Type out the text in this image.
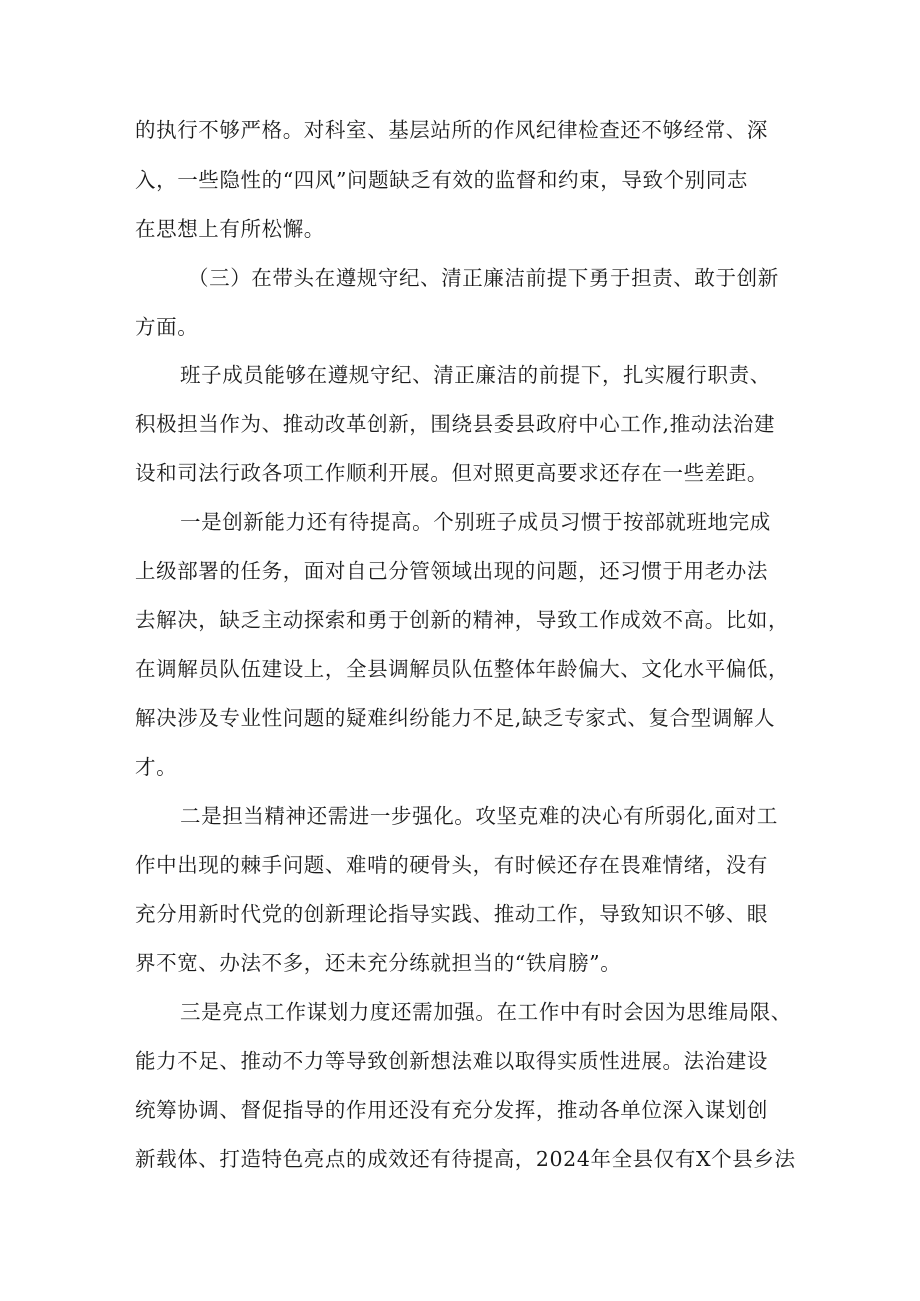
的执行不够严格。对科室、基层站所的作风纪律检查还不够经常、深
入，一些隐性的“四风”问题缺乏有效的监督和约束，导致个别同志
在思想上有所松懈。
（三）在带头在遵规守纪、清正廉洁前提下勇于担责、敢于创新
方面。
班子成员能够在遵规守纪、清正廉洁的前提下，扎实履行职责、
积极担当作为、推动改革创新，围绕县委县政府中心工作,推动法治建
设和司法行政各项工作顺利开展。但对照更高要求还存在一些差距。
一是创新能力还有待提高。个别班子成员习惯于按部就班地完成
上级部署的任务，面对自己分管领域出现的问题，还习惯于用老办法
去解决，缺乏主动探索和勇于创新的精神，导致工作成效不高。比如，
在调解员队伍建设上，全县调解员队伍整体年龄偏大、文化水平偏低，
解决涉及专业性问题的疑难纠纷能力不足,缺乏专家式、复合型调解人
才。
二是担当精神还需进一步强化。攻坚克难的决心有所弱化,面对工
作中出现的棘手问题、难啃的硬骨头，有时候还存在畏难情绪，没有
充分用新时代党的创新理论指导实践、推动工作，导致知识不够、眼
界不宽、办法不多，还未充分练就担当的“铁肩膀”。
三是亮点工作谋划力度还需加强。在工作中有时会因为思维局限、
能力不足、推动不力等导致创新想法难以取得实质性进展。法治建设
统筹协调、督促指导的作用还没有充分发挥，推动各单位深入谋划创
新载体、打造特色亮点的成效还有待提高，2024年全县仅有X个县乡法
